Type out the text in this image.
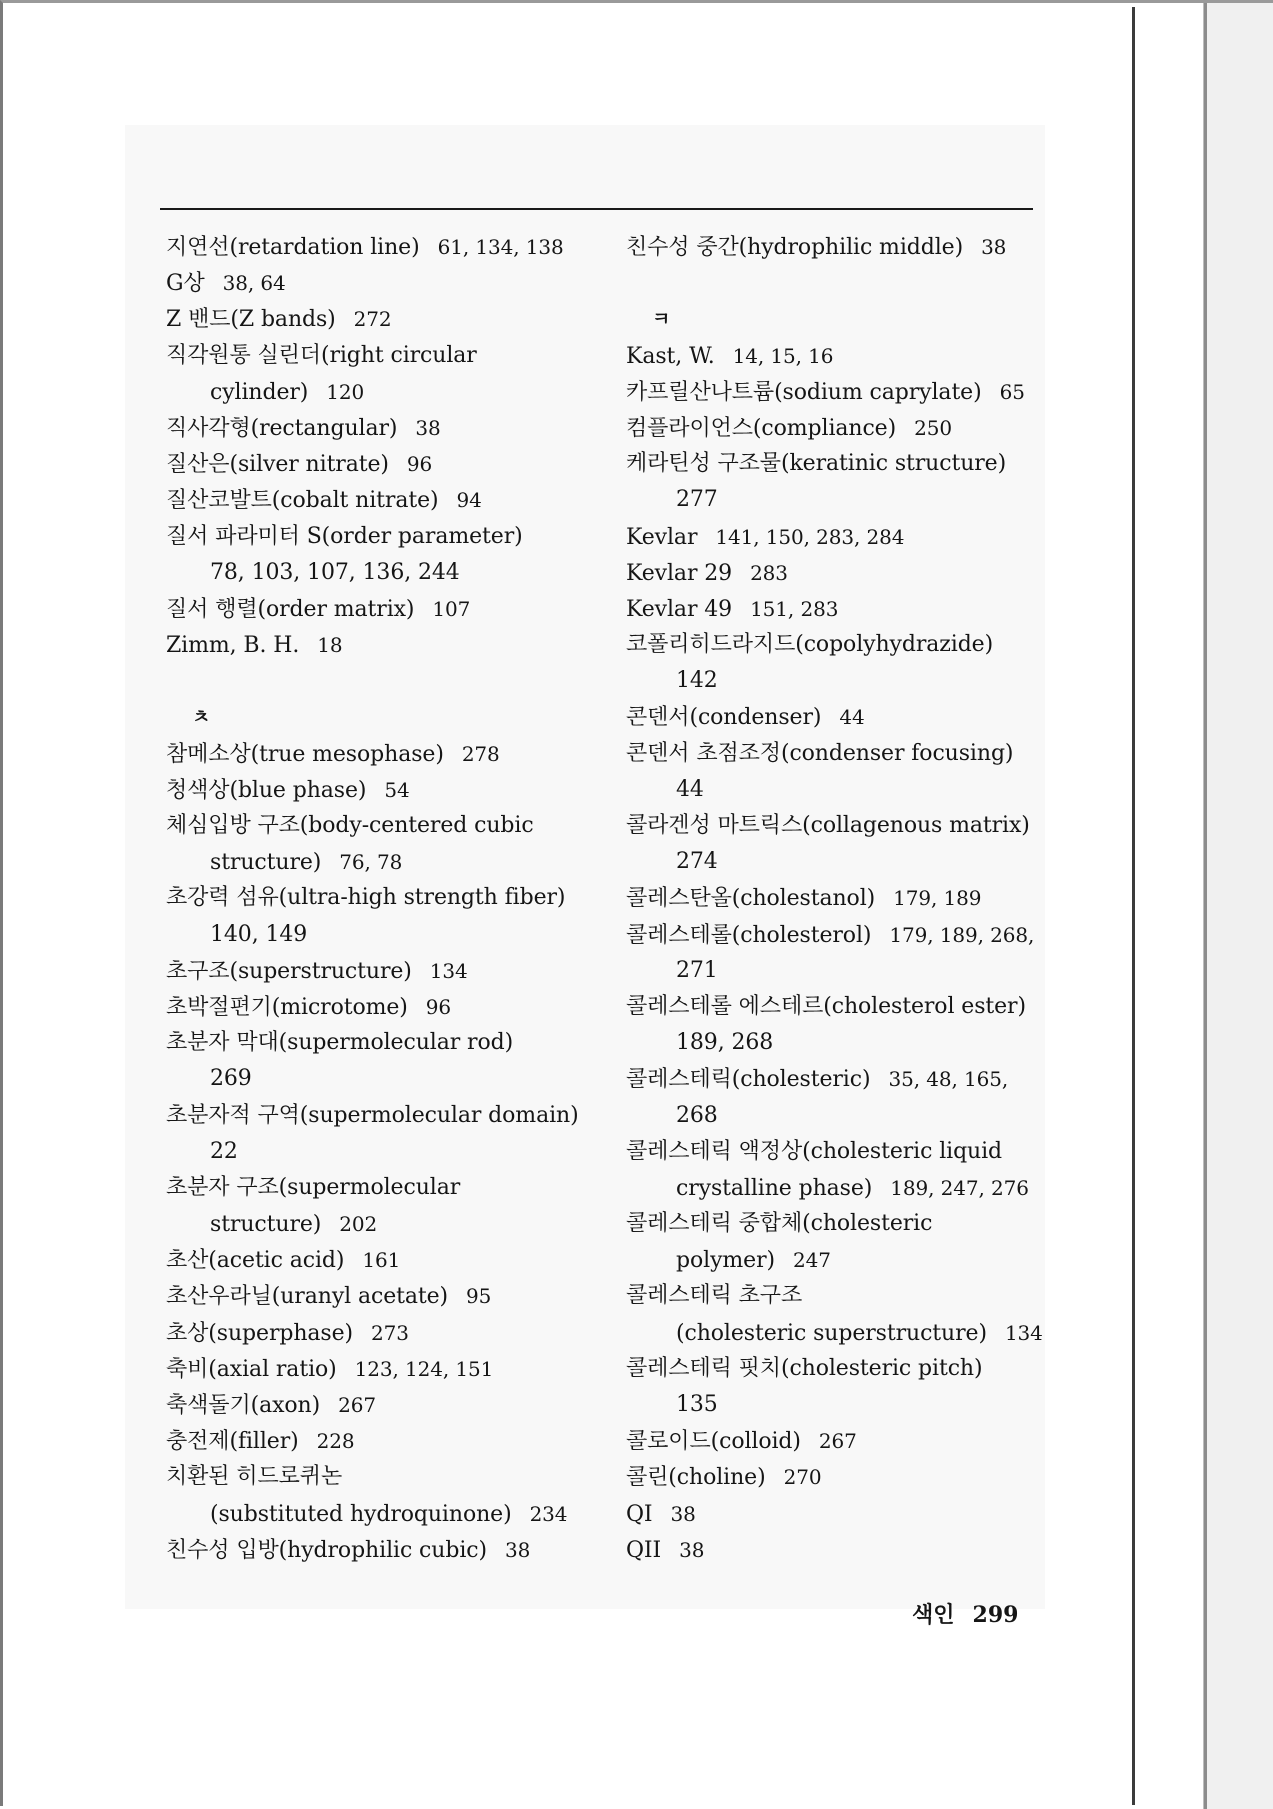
지연선(retardation line) 61, 134, 138
G상 38, 64
Z 밴드(Z bands) 272
직각원통 실린더(right circular
cylinder) 120
직사각형(rectangular) 38
질산은(silver nitrate) 96
질산코발트(cobalt nitrate) 94
질서 파라미터 S(order parameter)
78, 103, 107, 136, 244
질서 행렬(order matrix) 107
Zimm, B. H. 18
ㅊ
참메소상(true mesophase) 278
청색상(blue phase) 54
체심입방 구조(body-centered cubic
structure) 76, 78
초강력 섬유(ultra-high strength fiber)
140, 149
초구조(superstructure) 134
초박절편기(microtome) 96
초분자 막대(supermolecular rod)
269
초분자적 구역(supermolecular domain)
22
초분자 구조(supermolecular
structure) 202
초산(acetic acid) 161
초산우라닐(uranyl acetate) 95
초상(superphase) 273
축비(axial ratio) 123, 124, 151
축색돌기(axon) 267
충전제(filler) 228
치환된 히드로퀴논
(substituted hydroquinone) 234
친수성 입방(hydrophilic cubic) 38
친수성 중간(hydrophilic middle) 38
ㅋ
Kast, W. 14, 15, 16
카프릴산나트륨(sodium caprylate) 65
컴플라이언스(compliance) 250
케라틴성 구조물(keratinic structure)
277
Kevlar 141, 150, 283, 284
Kevlar 29 283
Kevlar 49 151, 283
코폴리히드라지드(copolyhydrazide)
142
콘덴서(condenser) 44
콘덴서 초점조정(condenser focusing)
44
콜라겐성 마트릭스(collagenous matrix)
274
콜레스탄올(cholestanol) 179, 189
콜레스테롤(cholesterol) 179, 189, 268,
271
콜레스테롤 에스테르(cholesterol ester)
189, 268
콜레스테릭(cholesteric) 35, 48, 165,
268
콜레스테릭 액정상(cholesteric liquid
crystalline phase) 189, 247, 276
콜레스테릭 중합체(cholesteric
polymer) 247
콜레스테릭 초구조
(cholesteric superstructure) 134
콜레스테릭 핏치(cholesteric pitch)
135
콜로이드(colloid) 267
콜린(choline) 270
QI 38
QII 38
색인 299
